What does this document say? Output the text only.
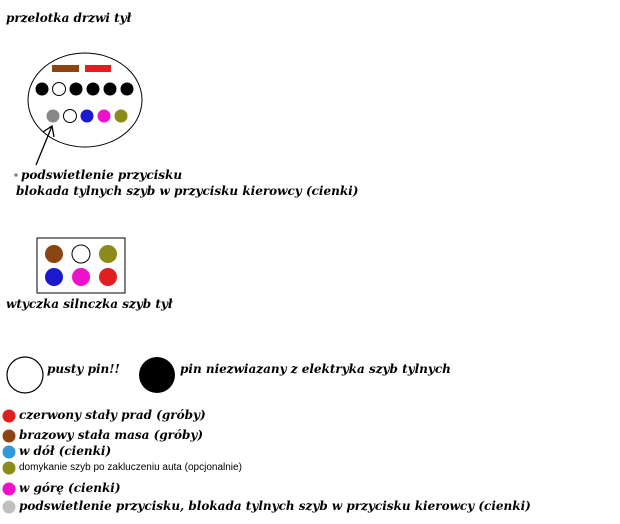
przelotka drzwi tył
podswietlenie przycisku
blokada tylnych szyb w przycisku kierowcy (cienki)
wtyczka silnczka szyb tył
pusty pin!!	pin niezwiazany z elektryka szyb tylnych
czerwony stały prad (gróby)
brazowy stała masa (gróby)
w dół (cienki)
domykanie szyb po zakluczeniu auta (opcjonalnie)
w górę (cienki)
podswietlenie przycisku, blokada tylnych szyb w przycisku kierowcy (cienki)
